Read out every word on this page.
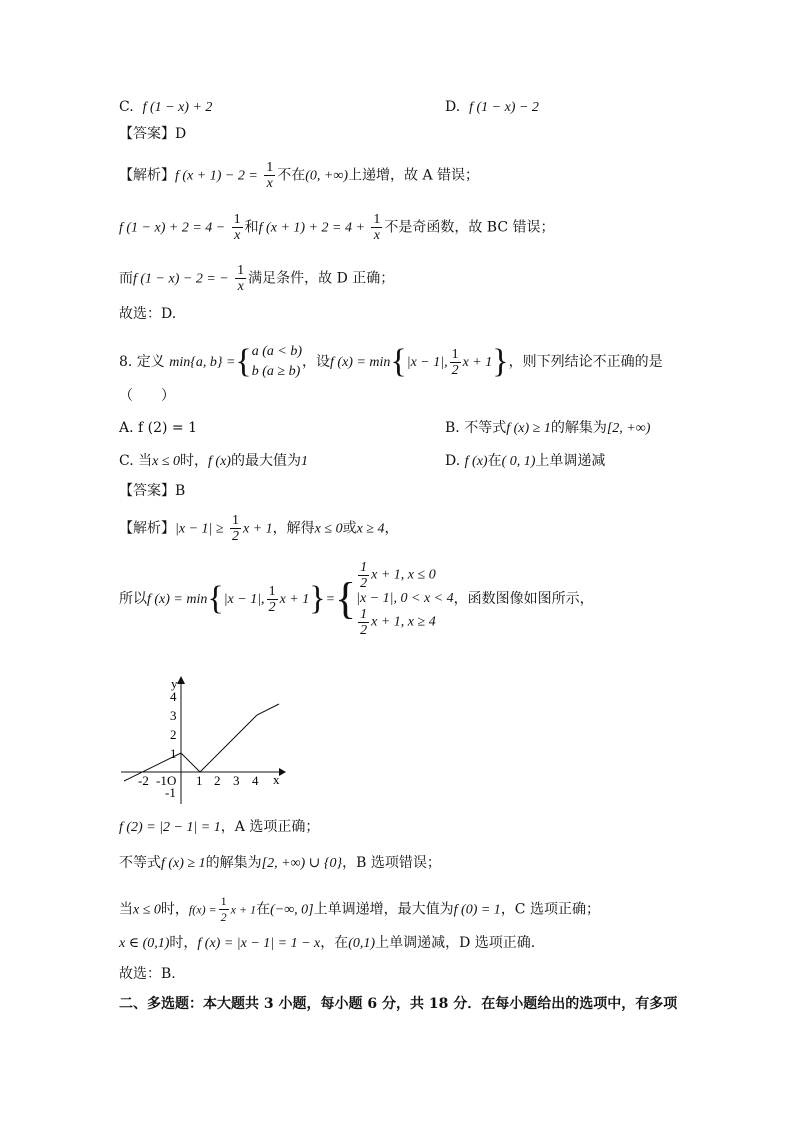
C. f (1 − x) + 2	D. f (1 − x) − 2
【答案】D
【解析】f $(x + 1) - 2 = \frac{1}{x}$ 不在(0, +∞)上递增，故 A 错误；
f $(1 - x) + 2 = 4 - \frac{1}{x}$ 和f $(x + 1) + 2 = 4 + \frac{1}{x}$ 不是奇函数，故 BC 错误；
而f (1 − x) − 2 = − $\frac{1}{x}$ 满足条件，故 D 正确；
故选：D.
8. 定义 min{a, b} ={a (a < b)
b (a ≥ b)，设f (x) = min{|x − 1|, $\frac{1}{2}$ x + 1}，则下列结论不正确的是
（　　）
A. f (2) = 1	B. 不等式f (x) ≥ 1的解集为[2, +∞)
C. 当x ≤ 0时，f (x)的最大值为1	D. f (x)在( 0, 1)上单调递减
【答案】B
【解析】$|x - 1| \ge \frac{1}{2}$ x + 1，解得x ≤ 0或x ≥ 4，
所以f (x) = min{|x − 1|, $\frac{1}{2}$ $x + 1\}=\{ \frac{1}{2}$ x + 1, x ≤ 0
|x − 1|, 0 < x < 4

$\frac{1}{2}$ x + 1, x ≥ 4，函数图像如图所示，
y
x
O
-2 -1 1 2 3 4
4
3
2
1
-1
f (2) = |2 − 1| = 1，A 选项正确；
不等式f (x) ≥ 1的解集为[2, +∞) ∪ {0}，B 选项错误；
当x ≤ 0时，$f(x) = \frac{1}{2}$ x + 1在(−∞, 0]上单调递增，最大值为f (0) = 1，C 选项正确；
x ∈ (0,1)时，f (x) = |x − 1| = 1 − x，在(0,1)上单调递减，D 选项正确.
故选：B.
二、多选题：本大题共 3 小题，每小题 6 分，共 18 分．在每小题给出的选项中，有多项
